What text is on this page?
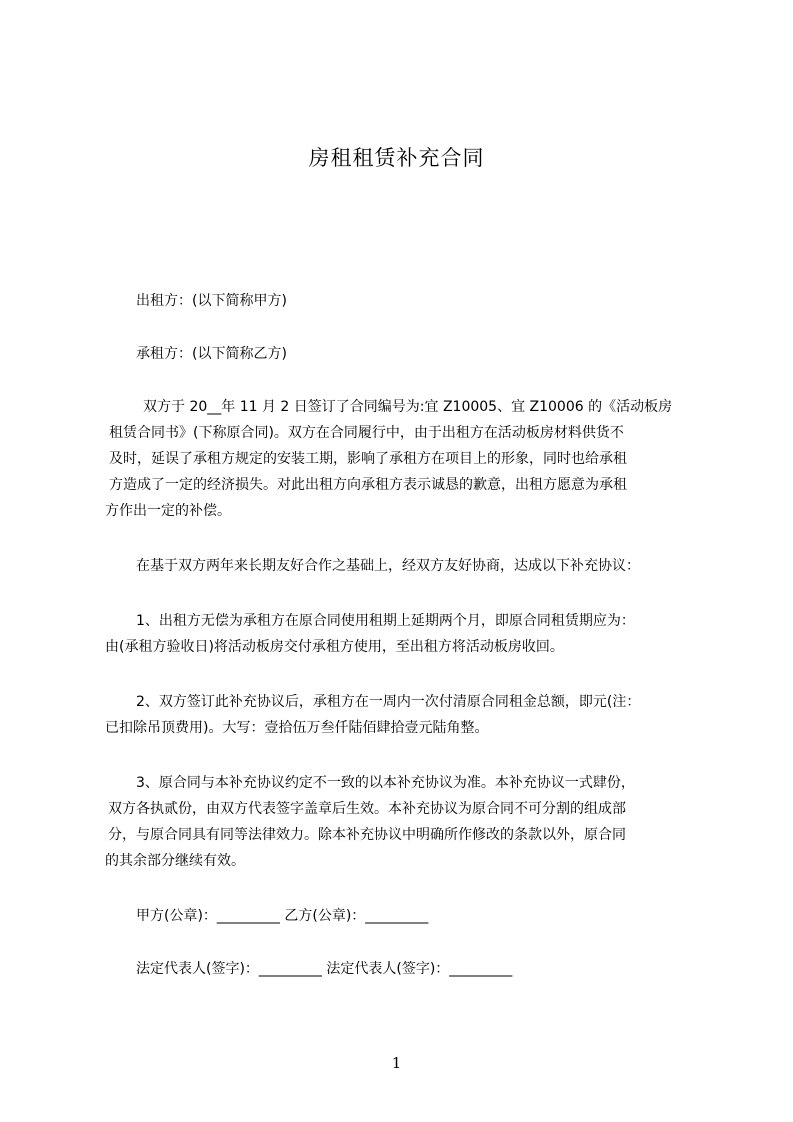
房租租赁补充合同
出租方：(以下简称甲方)
承租方：(以下简称乙方)
双方于 20__年 11 月 2 日签订了合同编号为:宜 Z10005、宜 Z10006 的《活动板房
租赁合同书》(下称原合同)。双方在合同履行中，由于出租方在活动板房材料供货不
及时，延误了承租方规定的安装工期，影响了承租方在项目上的形象，同时也给承租
方造成了一定的经济损失。对此出租方向承租方表示诚恳的歉意，出租方愿意为承租
方作出一定的补偿。
在基于双方两年来长期友好合作之基础上，经双方友好协商，达成以下补充协议：
1、出租方无偿为承租方在原合同使用租期上延期两个月，即原合同租赁期应为：
由(承租方验收日)将活动板房交付承租方使用，至出租方将活动板房收回。
2、双方签订此补充协议后，承租方在一周内一次付清原合同租金总额，即元(注：
已扣除吊顶费用)。大写：壹拾伍万叁仟陆佰肆拾壹元陆角整。
3、原合同与本补充协议约定不一致的以本补充协议为准。本补充协议一式肆份，
双方各执贰份，由双方代表签字盖章后生效。本补充协议为原合同不可分割的组成部
分，与原合同具有同等法律效力。除本补充协议中明确所作修改的条款以外，原合同
的其余部分继续有效。
甲方(公章)：_________ 乙方(公章)：_________
法定代表人(签字)：_________ 法定代表人(签字)：_________
1
